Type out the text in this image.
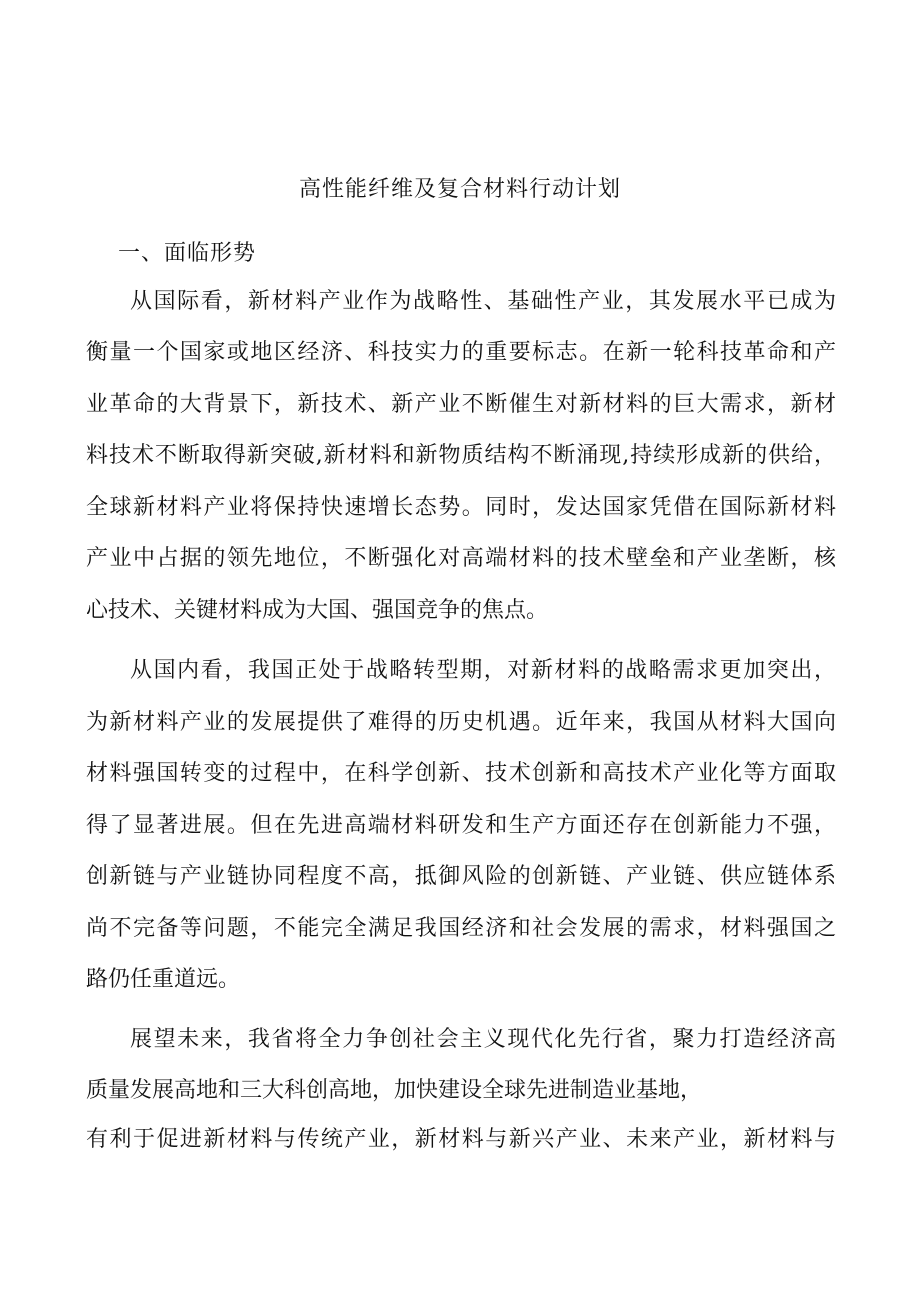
高性能纤维及复合材料行动计划
一、面临形势

从国际看，新材料产业作为战略性、基础性产业，其发展水平已成为

衡量一个国家或地区经济、科技实力的重要标志。在新一轮科技革命和产

业革命的大背景下，新技术、新产业不断催生对新材料的巨大需求，新材

料技术不断取得新突破,新材料和新物质结构不断涌现,持续形成新的供给，

全球新材料产业将保持快速增长态势。同时，发达国家凭借在国际新材料

产业中占据的领先地位，不断强化对高端材料的技术壁垒和产业垄断，核

心技术、关键材料成为大国、强国竞争的焦点。

从国内看，我国正处于战略转型期，对新材料的战略需求更加突出，

为新材料产业的发展提供了难得的历史机遇。近年来，我国从材料大国向

材料强国转变的过程中，在科学创新、技术创新和高技术产业化等方面取

得了显著进展。但在先进高端材料研发和生产方面还存在创新能力不强，

创新链与产业链协同程度不高，抵御风险的创新链、产业链、供应链体系

尚不完备等问题，不能完全满足我国经济和社会发展的需求，材料强国之

路仍任重道远。

展望未来，我省将全力争创社会主义现代化先行省，聚力打造经济高

质量发展高地和三大科创高地，加快建设全球先进制造业基地，

有利于促进新材料与传统产业，新材料与新兴产业、未来产业，新材料与
